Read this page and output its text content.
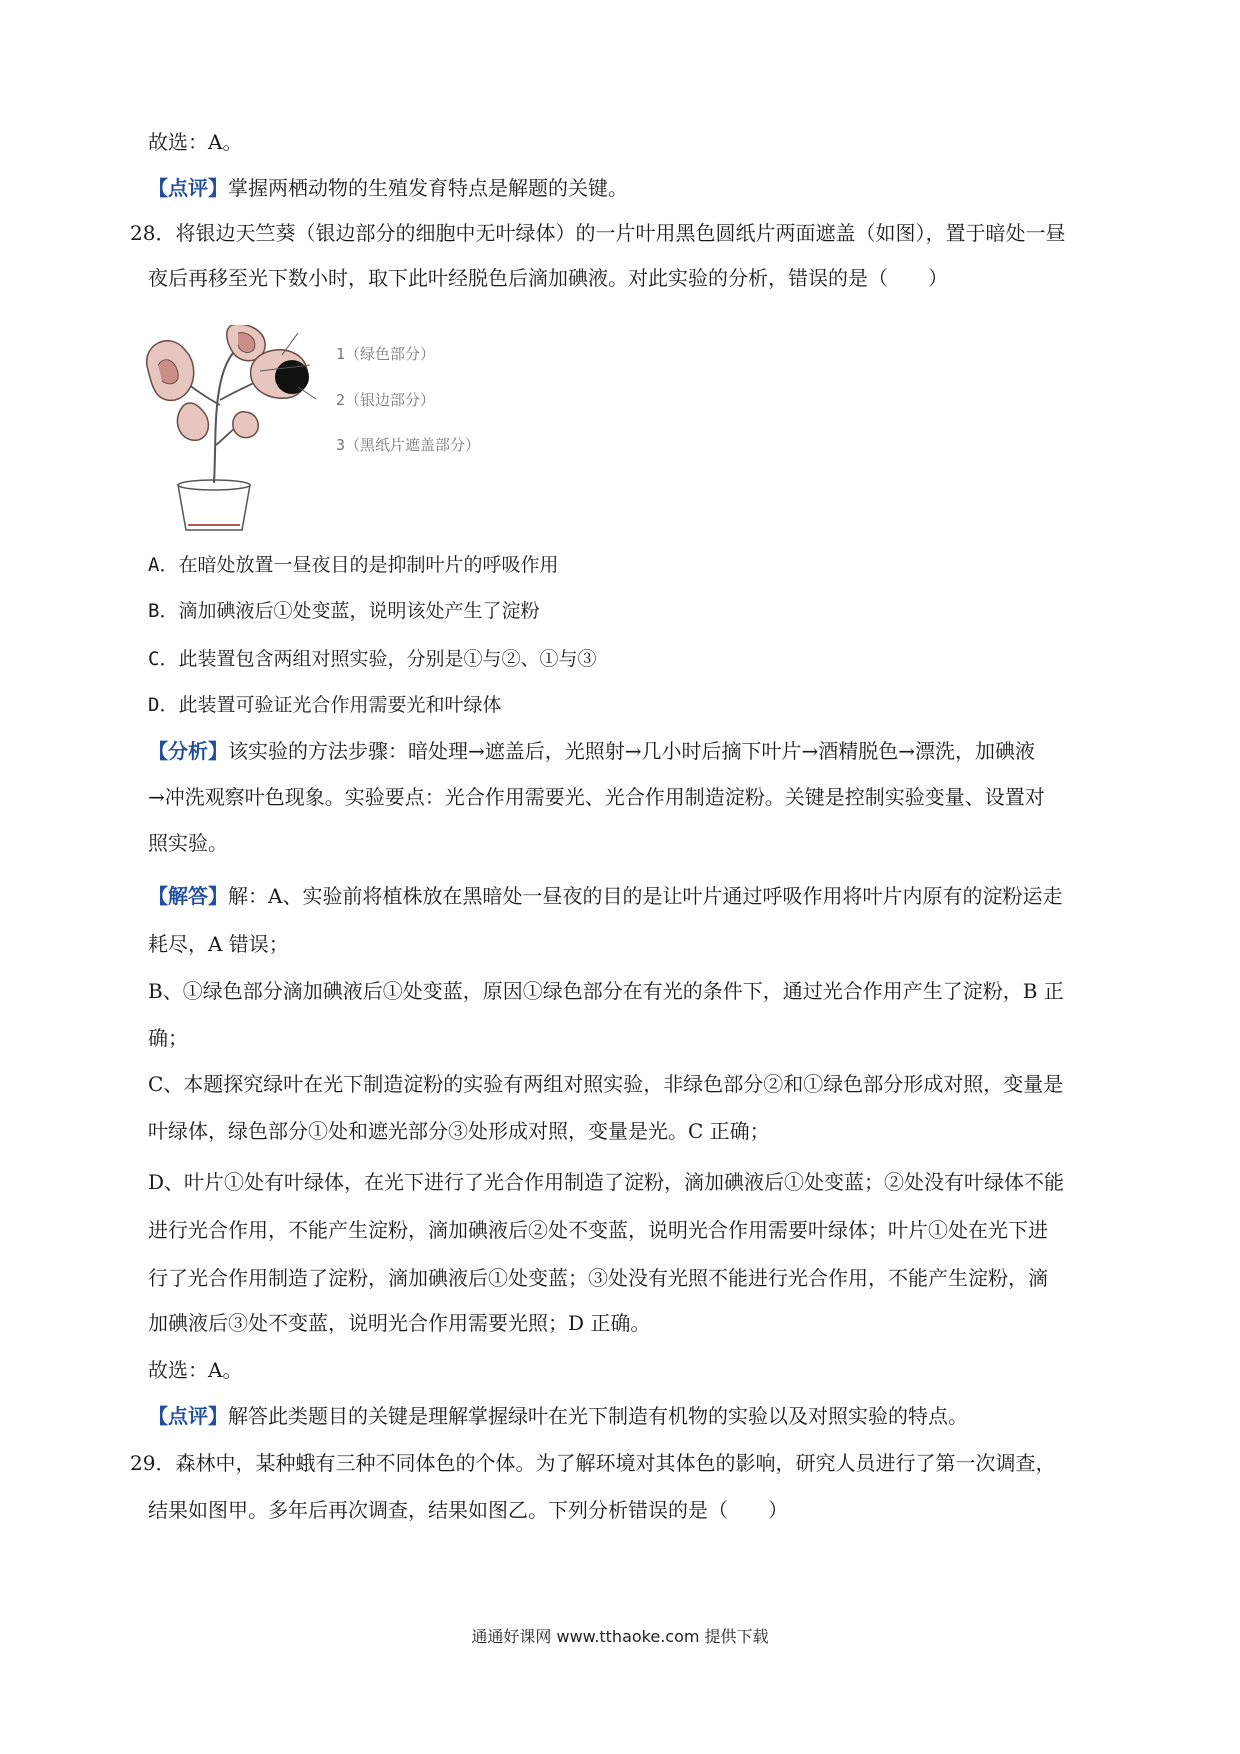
故选：A。
【点评】掌握两栖动物的生殖发育特点是解题的关键。
28．将银边天竺葵（银边部分的细胞中无叶绿体）的一片叶用黑色圆纸片两面遮盖（如图），置于暗处一昼
夜后再移至光下数小时，取下此叶经脱色后滴加碘液。对此实验的分析，错误的是（　　）
1（绿色部分）
2（银边部分）
3（黑纸片遮盖部分）
A．在暗处放置一昼夜目的是抑制叶片的呼吸作用
B．滴加碘液后①处变蓝，说明该处产生了淀粉
C．此装置包含两组对照实验，分别是①与②、①与③
D．此装置可验证光合作用需要光和叶绿体
【分析】该实验的方法步骤：暗处理→遮盖后，光照射→几小时后摘下叶片→酒精脱色→漂洗，加碘液
→冲洗观察叶色现象。实验要点：光合作用需要光、光合作用制造淀粉。关键是控制实验变量、设置对
照实验。
【解答】解：A、实验前将植株放在黑暗处一昼夜的目的是让叶片通过呼吸作用将叶片内原有的淀粉运走
耗尽，A 错误；
B、①绿色部分滴加碘液后①处变蓝，原因①绿色部分在有光的条件下，通过光合作用产生了淀粉，B 正
确；
C、本题探究绿叶在光下制造淀粉的实验有两组对照实验，非绿色部分②和①绿色部分形成对照，变量是
叶绿体，绿色部分①处和遮光部分③处形成对照，变量是光。C 正确；
D、叶片①处有叶绿体，在光下进行了光合作用制造了淀粉，滴加碘液后①处变蓝；②处没有叶绿体不能
进行光合作用，不能产生淀粉，滴加碘液后②处不变蓝，说明光合作用需要叶绿体；叶片①处在光下进
行了光合作用制造了淀粉，滴加碘液后①处变蓝；③处没有光照不能进行光合作用，不能产生淀粉，滴
加碘液后③处不变蓝，说明光合作用需要光照；D 正确。
故选：A。
【点评】解答此类题目的关键是理解掌握绿叶在光下制造有机物的实验以及对照实验的特点。
29．森林中，某种蛾有三种不同体色的个体。为了解环境对其体色的影响，研究人员进行了第一次调查，
结果如图甲。多年后再次调查，结果如图乙。下列分析错误的是（　　）
通通好课网 www.tthaoke.com 提供下载
